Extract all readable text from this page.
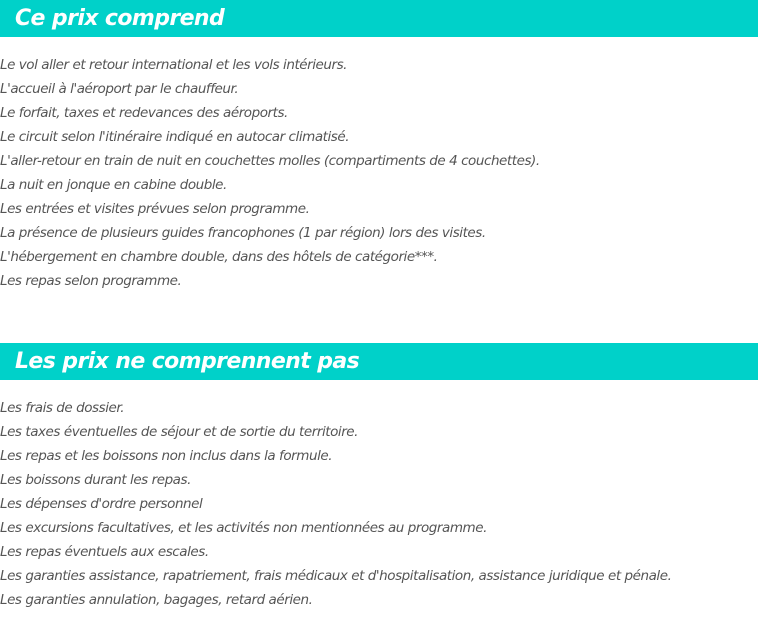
Ce prix comprend
Le vol aller et retour international et les vols intérieurs.
L'accueil à l'aéroport par le chauffeur.
Le forfait, taxes et redevances des aéroports.
Le circuit selon l'itinéraire indiqué en autocar climatisé.
L'aller-retour en train de nuit en couchettes molles (compartiments de 4 couchettes).
La nuit en jonque en cabine double.
Les entrées et visites prévues selon programme.
La présence de plusieurs guides francophones (1 par région) lors des visites.
L'hébergement en chambre double, dans des hôtels de catégorie***.
Les repas selon programme.
Les prix ne comprennent pas
Les frais de dossier.
Les taxes éventuelles de séjour et de sortie du territoire.
Les repas et les boissons non inclus dans la formule.
Les boissons durant les repas.
Les dépenses d'ordre personnel
Les excursions facultatives, et les activités non mentionnées au programme.
Les repas éventuels aux escales.
Les garanties assistance, rapatriement, frais médicaux et d'hospitalisation, assistance juridique et pénale.
Les garanties annulation, bagages, retard aérien.
